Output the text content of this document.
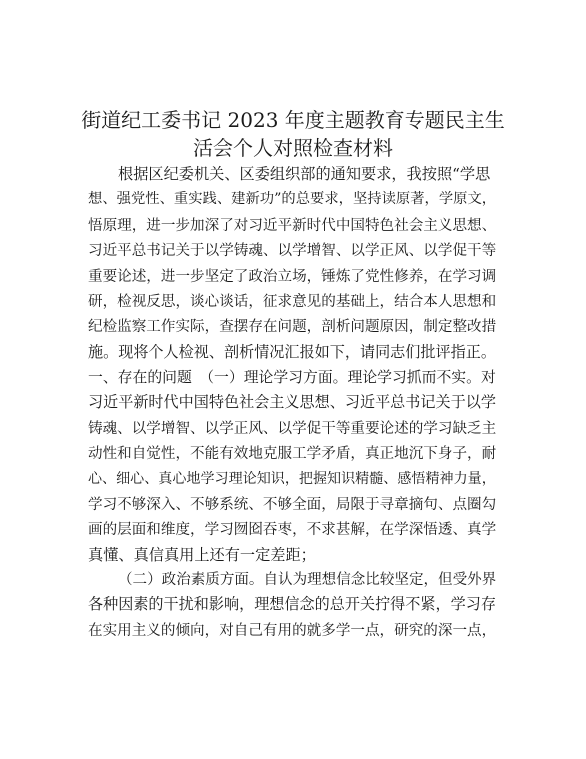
街道纪工委书记 2023 年度主题教育专题民主生
活会个人对照检查材料
根据区纪委机关、区委组织部的通知要求，我按照“学思
想、强党性、重实践、建新功”的总要求，坚持读原著，学原文，
悟原理，进一步加深了对习近平新时代中国特色社会主义思想、
习近平总书记关于以学铸魂、以学增智、以学正风、以学促干等
重要论述，进一步坚定了政治立场，锤炼了党性修养，在学习调
研，检视反思，谈心谈话，征求意见的基础上，结合本人思想和
纪检监察工作实际，查摆存在问题，剖析问题原因，制定整改措
施。现将个人检视、剖析情况汇报如下，请同志们批评指正。
一、存在的问题　（一）理论学习方面。理论学习抓而不实。对
习近平新时代中国特色社会主义思想、习近平总书记关于以学
铸魂、以学增智、以学正风、以学促干等重要论述的学习缺乏主
动性和自觉性，不能有效地克服工学矛盾，真正地沉下身子，耐
心、细心、真心地学习理论知识，把握知识精髓、感悟精神力量，
学习不够深入、不够系统、不够全面，局限于寻章摘句、点圈勾
画的层面和维度，学习囫囵吞枣，不求甚解，在学深悟透、真学
真懂、真信真用上还有一定差距；
（二）政治素质方面。自认为理想信念比较坚定，但受外界
各种因素的干扰和影响，理想信念的总开关拧得不紧，学习存
在实用主义的倾向，对自己有用的就多学一点，研究的深一点，
